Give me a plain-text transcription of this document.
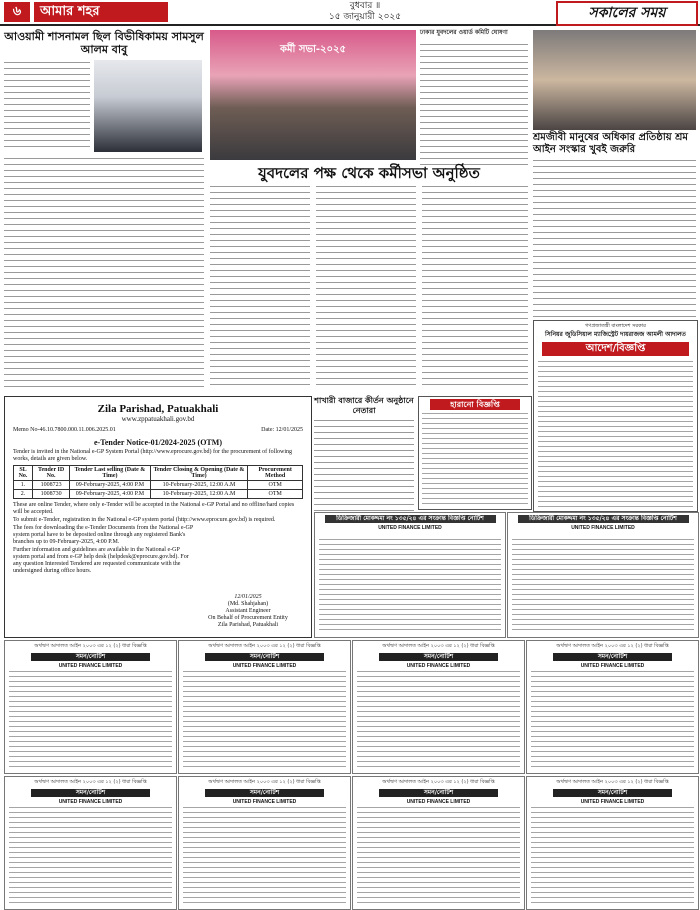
৬	আমার শহর	বুধবার ॥
১৫ জানুয়ারী ২০২৫	সকালের সময়
আওয়ামী শাসনামল ছিল বিভীষিকাময় সামসুল আলম বাবু	কর্মী সভা-২০২৫
ঢাকার যুবদলের ওয়ার্ড কমিটি ঘোষণা
যুবদলের পক্ষ থেকে কর্মীসভা অনুষ্ঠিত
শ্রমজীবী মানুষের অধিকার প্রতিষ্ঠায় শ্রম আইন সংস্কার খুবই জরুরি
গণপ্রজাতন্ত্রী বাংলাদেশ সরকার
সিনিয়র জুডিসিয়াল ম্যাজিস্ট্রেট দায়রাজজ আমলী আদালত
আদেশ/বিজ্ঞপ্তি
Zila Parishad, Patuakhali
www.zppatuakhali.gov.bd
Memo No-46.10.7800.000.11.006.2025.01	Date: 12/01/2025
e-Tender Notice-01/2024-2025 (OTM)
Tender is invited in the National e-GP System Portal (http://www.eprocure.gov.bd) for the procurement of following works, details are given below.
SL No.	Tender ID No.	Tender Last selling (Date & Time)	Tender Closing & Opening (Date & Time)	Procurement Method
1.	1008723	09-February-2025, 4:00 P.M	10-February-2025, 12:00 A.M	OTM
2.	1008730	09-February-2025, 4:00 P.M	10-February-2025, 12:00 A.M	OTM
These are online Tender, where only e-Tender will be accepted in the National e-GP Portal and no offline/hard copies will be accepted.
To submit e-Tender, registration in the National e-GP system portal (http://www.eprocure.gov.bd) is required.
The fees for downloading the e-Tender Documents from the National e-GP system portal have to be deposited online through any registered Bank's branches up to 09-February-2025, 4:00 P.M.
Further information and guidelines are available in the National e-GP system portal and from e-GP help desk (helpdesk@eprocure.gov.bd). For any question Interested Tendered are requested communicate with the undersigned during office hours.
12/01/2025
(Md. Shahjahan)
Assistant Engineer
On Behalf of Procurement Entity
Zila Parishad, Patuakhali
শাখারী বাজারে কীর্তন অনুষ্ঠানে নেতারা
হারানো বিজ্ঞপ্তি
ডিক্রিজারী মোকদ্দমা নং ১৩৫/২৪ এর সংক্রান্ত বিজ্ঞপ্তি নোটিশ
UNITED FINANCE LIMITED
ডিক্রিজারী মোকদ্দমা নং ১৩৫/২৪ এর সংক্রান্ত বিজ্ঞপ্তি নোটিশ
UNITED FINANCE LIMITED
অর্থঋণ আদালত আইন ২০০৩ এর ১২ (২) ধারা বিজ্ঞপ্তি
সমন/নোটিশ
UNITED FINANCE LIMITED
অর্থঋণ আদালত আইন ২০০৩ এর ১২ (২) ধারা বিজ্ঞপ্তি
সমন/নোটিশ
UNITED FINANCE LIMITED
অর্থঋণ আদালত আইন ২০০৩ এর ১২ (২) ধারা বিজ্ঞপ্তি
সমন/নোটিশ
UNITED FINANCE LIMITED
অর্থঋণ আদালত আইন ২০০৩ এর ১২ (২) ধারা বিজ্ঞপ্তি
সমন/নোটিশ
UNITED FINANCE LIMITED
অর্থঋণ আদালত আইন ২০০৩ এর ১২ (২) ধারা বিজ্ঞপ্তি
সমন/নোটিশ
UNITED FINANCE LIMITED
অর্থঋণ আদালত আইন ২০০৩ এর ১২ (২) ধারা বিজ্ঞপ্তি
সমন/নোটিশ
UNITED FINANCE LIMITED
অর্থঋণ আদালত আইন ২০০৩ এর ১২ (২) ধারা বিজ্ঞপ্তি
সমন/নোটিশ
UNITED FINANCE LIMITED
অর্থঋণ আদালত আইন ২০০৩ এর ১২ (২) ধারা বিজ্ঞপ্তি
সমন/নোটিশ
UNITED FINANCE LIMITED
